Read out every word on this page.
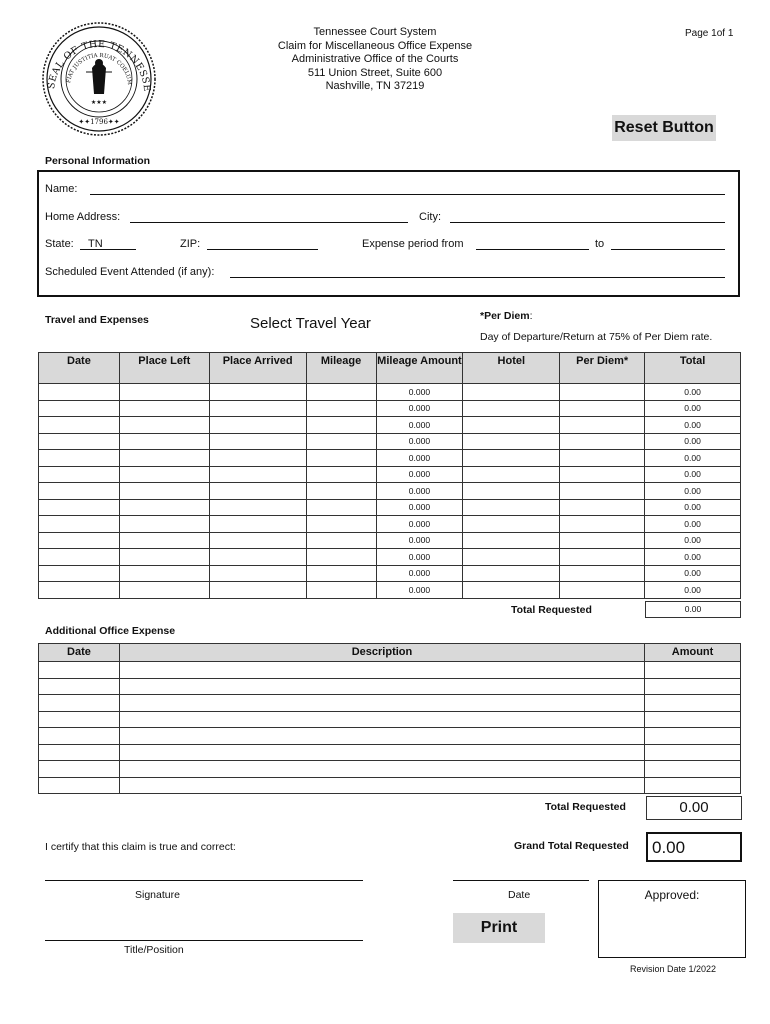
SEAL OF THE TENNESSE
FIAT JUSTITIA RUAT COELUM
★★★
✦✦1796✦✦
Tennessee Court System
Claim for Miscellaneous Office Expense
Administrative Office of the Courts
511 Union Street, Suite 600
Nashville, TN 37219
Page 1of 1
Reset Button
Personal Information
Name:
Home Address:	City:
State:	TN	ZIP:	Expense period from	to
Scheduled Event Attended (if any):
Travel and Expenses	Select Travel Year	*Per Diem:
Day of Departure/Return at 75% of Per Diem rate.
Date	Place Left	Place Arrived	Mileage	Mileage Amount	Hotel	Per Diem*	Total
				0.000			0.00
				0.000			0.00
				0.000			0.00
				0.000			0.00
				0.000			0.00
				0.000			0.00
				0.000			0.00
				0.000			0.00
				0.000			0.00
				0.000			0.00
				0.000			0.00
				0.000			0.00
				0.000			0.00
Total Requested	0.00
Additional Office Expense
Date	Description	Amount

Total Requested	0.00
I certify that this claim is true and correct:	Grand Total Requested	0.00
Signature	Date
Print
Approved:
Title/Position
Revision Date 1/2022
